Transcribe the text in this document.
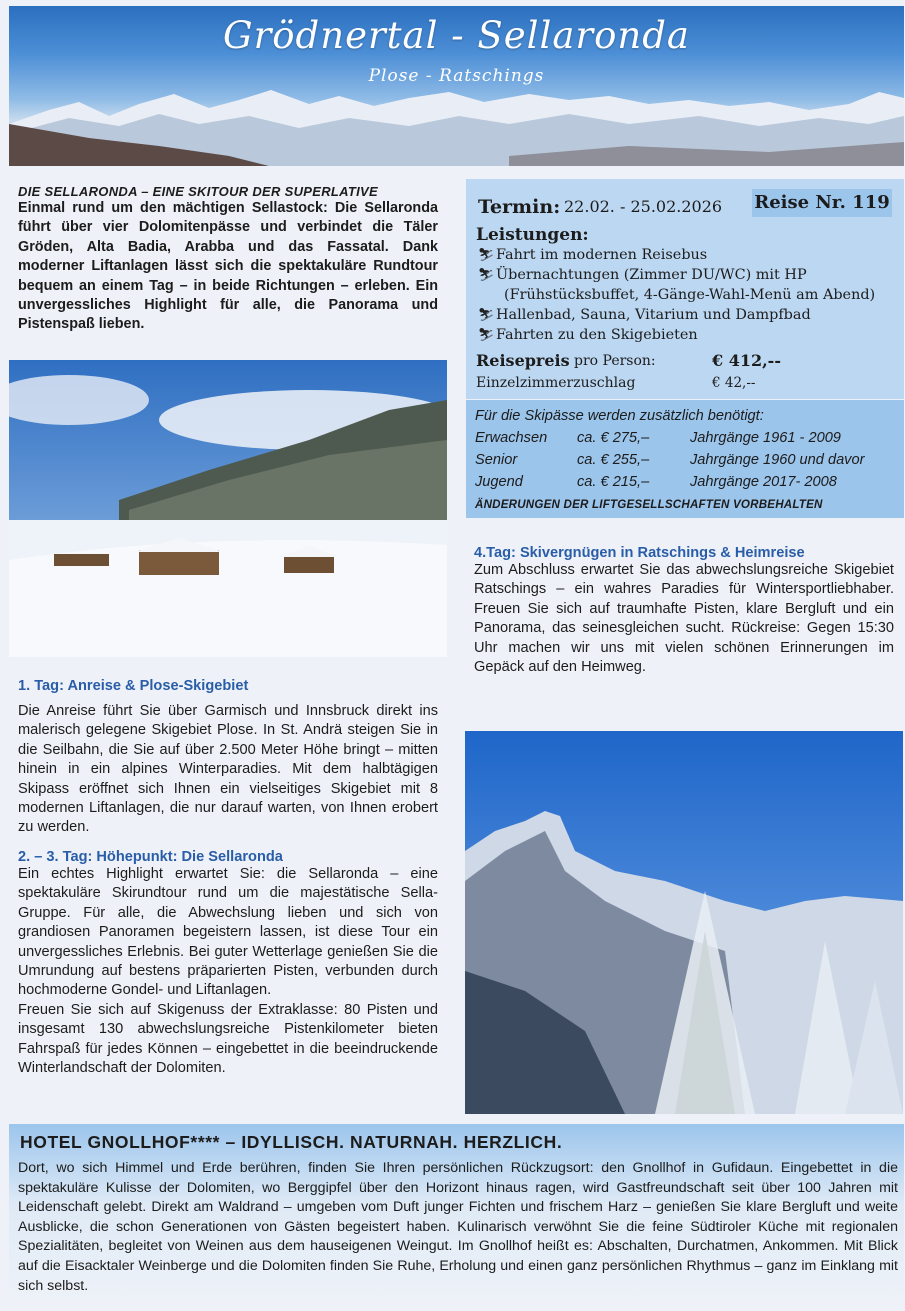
Grödnertal - Sellaronda
Plose - Ratschings
DIE SELLARONDA – EINE SKITOUR DER SUPERLATIVE
Einmal rund um den mächtigen Sellastock: Die Sellaronda führt über vier Dolomitenpässe und verbindet die Täler Gröden, Alta Badia, Arabba und das Fassatal. Dank moderner Liftanlagen lässt sich die spektakuläre Rundtour bequem an einem Tag – in beide Richtungen – erleben. Ein unvergessliches Highlight für alle, die Panorama und Pistenspaß lieben.
Termin: 22.02. - 25.02.2026 Reise Nr. 119
Leistungen:
⛷Fahrt im modernen Reisebus
⛷Übernachtungen (Zimmer DU/WC) mit HP
(Frühstücksbuffet, 4-Gänge-Wahl-Menü am Abend)
⛷Hallenbad, Sauna, Vitarium und Dampfbad
⛷Fahrten zu den Skigebieten
Reisepreis pro Person:	€ 412,--
Einzelzimmerzuschlag	€ 42,--
Für die Skipässe werden zusätzlich benötigt:
Erwachsen ca. € 275,–	Jahrgänge 1961 - 2009
Senior	ca. € 255,–	Jahrgänge 1960 und davor
Jugend	ca. € 215,–	Jahrgänge 2017- 2008
ÄNDERUNGEN DER LIFTGESELLSCHAFTEN VORBEHALTEN
4.Tag: Skivergnügen in Ratschings & Heimreise
Zum Abschluss erwartet Sie das abwechslungsreiche Skigebiet Ratschings – ein wahres Paradies für Wintersportliebhaber. Freuen Sie sich auf traumhafte Pisten, klare Bergluft und ein Panorama, das seinesgleichen sucht. Rückreise: Gegen 15:30 Uhr machen wir uns mit vielen schönen Erinnerungen im Gepäck auf den Heimweg.
1. Tag: Anreise & Plose-Skigebiet
Die Anreise führt Sie über Garmisch und Innsbruck direkt ins malerisch gelegene Skigebiet Plose. In St. Andrä steigen Sie in die Seilbahn, die Sie auf über 2.500 Meter Höhe bringt – mitten hinein in ein alpines Winterparadies. Mit dem halbtägigen Skipass eröffnet sich Ihnen ein vielseitiges Skigebiet mit 8 modernen Liftanlagen, die nur darauf warten, von Ihnen erobert zu werden.
2. – 3. Tag: Höhepunkt: Die Sellaronda
Ein echtes Highlight erwartet Sie: die Sellaronda – eine spektakuläre Skirundtour rund um die majestätische Sella-Gruppe. Für alle, die Abwechslung lieben und sich von grandiosen Panoramen begeistern lassen, ist diese Tour ein unvergessliches Erlebnis. Bei guter Wetterlage genießen Sie die Umrundung auf bestens präparierten Pisten, verbunden durch hochmoderne Gondel- und Liftanlagen.
Freuen Sie sich auf Skigenuss der Extraklasse: 80 Pisten und insgesamt 130 abwechslungsreiche Pistenkilometer bieten Fahrspaß für jedes Können – eingebettet in die beeindruckende Winterlandschaft der Dolomiten.
HOTEL GNOLLHOF**** – IDYLLISCH. NATURNAH. HERZLICH.
Dort, wo sich Himmel und Erde berühren, finden Sie Ihren persönlichen Rückzugsort: den Gnollhof in Gufidaun. Eingebettet in die spektakuläre Kulisse der Dolomiten, wo Berggipfel über den Horizont hinaus ragen, wird Gastfreundschaft seit über 100 Jahren mit Leidenschaft gelebt. Direkt am Waldrand – umgeben vom Duft junger Fichten und frischem Harz – genießen Sie klare Bergluft und weite Ausblicke, die schon Generationen von Gästen begeistert haben. Kulinarisch verwöhnt Sie die feine Südtiroler Küche mit regionalen Spezialitäten, begleitet von Weinen aus dem hauseigenen Weingut. Im Gnollhof heißt es: Abschalten, Durchatmen, Ankommen. Mit Blick auf die Eisacktaler Weinberge und die Dolomiten finden Sie Ruhe, Erholung und einen ganz persönlichen Rhythmus – ganz im Einklang mit sich selbst.
